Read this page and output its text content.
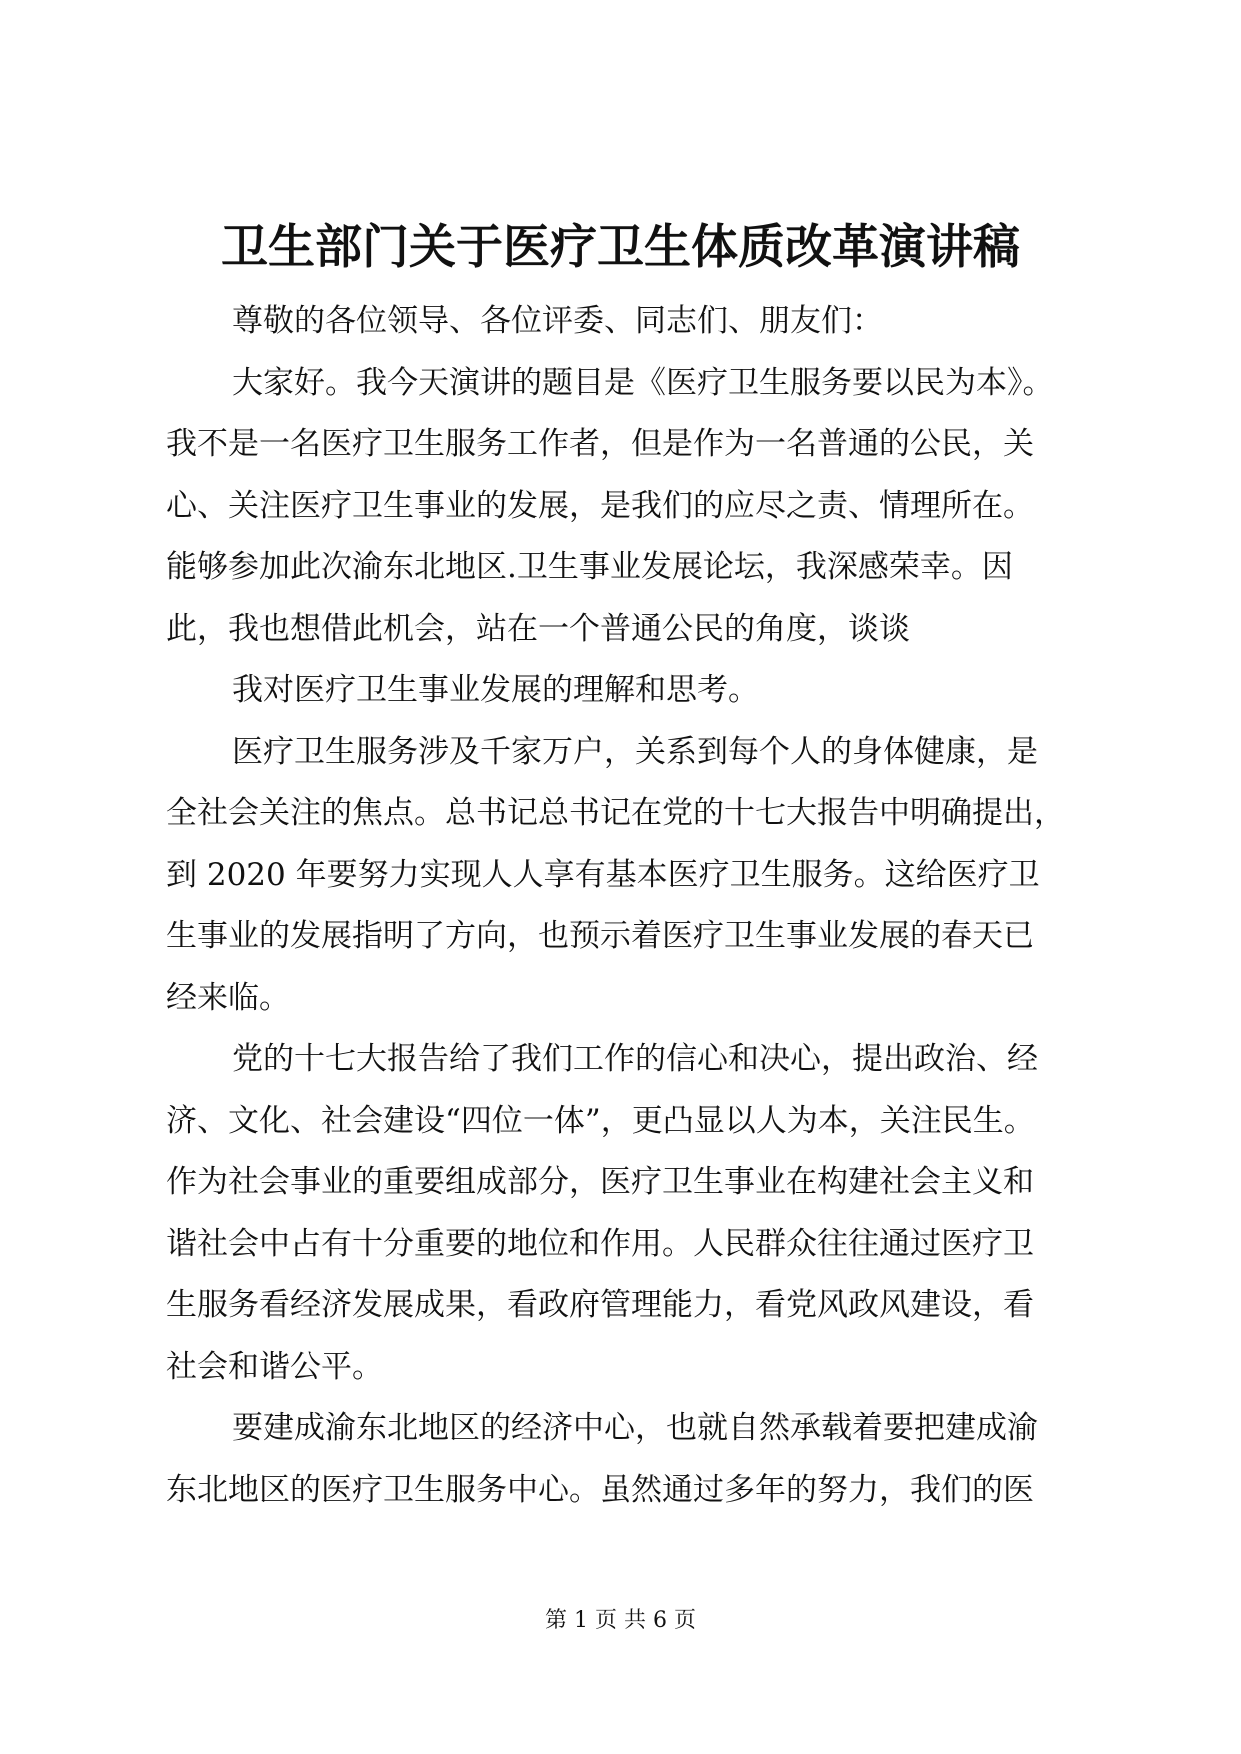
卫生部门关于医疗卫生体质改革演讲稿
尊敬的各位领导、各位评委、同志们、朋友们：
大家好。我今天演讲的题目是《医疗卫生服务要以民为本》。
我不是一名医疗卫生服务工作者，但是作为一名普通的公民，关
心、关注医疗卫生事业的发展，是我们的应尽之责、情理所在。
能够参加此次渝东北地区.卫生事业发展论坛，我深感荣幸。因
此，我也想借此机会，站在一个普通公民的角度，谈谈
我对医疗卫生事业发展的理解和思考。
医疗卫生服务涉及千家万户，关系到每个人的身体健康，是
全社会关注的焦点。总书记总书记在党的十七大报告中明确提出，
到 2020 年要努力实现人人享有基本医疗卫生服务。这给医疗卫
生事业的发展指明了方向，也预示着医疗卫生事业发展的春天已
经来临。
党的十七大报告给了我们工作的信心和决心，提出政治、经
济、文化、社会建设“四位一体”，更凸显以人为本，关注民生。
作为社会事业的重要组成部分，医疗卫生事业在构建社会主义和
谐社会中占有十分重要的地位和作用。人民群众往往通过医疗卫
生服务看经济发展成果，看政府管理能力，看党风政风建设，看
社会和谐公平。
要建成渝东北地区的经济中心，也就自然承载着要把建成渝
东北地区的医疗卫生服务中心。虽然通过多年的努力，我们的医
第 1 页 共 6 页
